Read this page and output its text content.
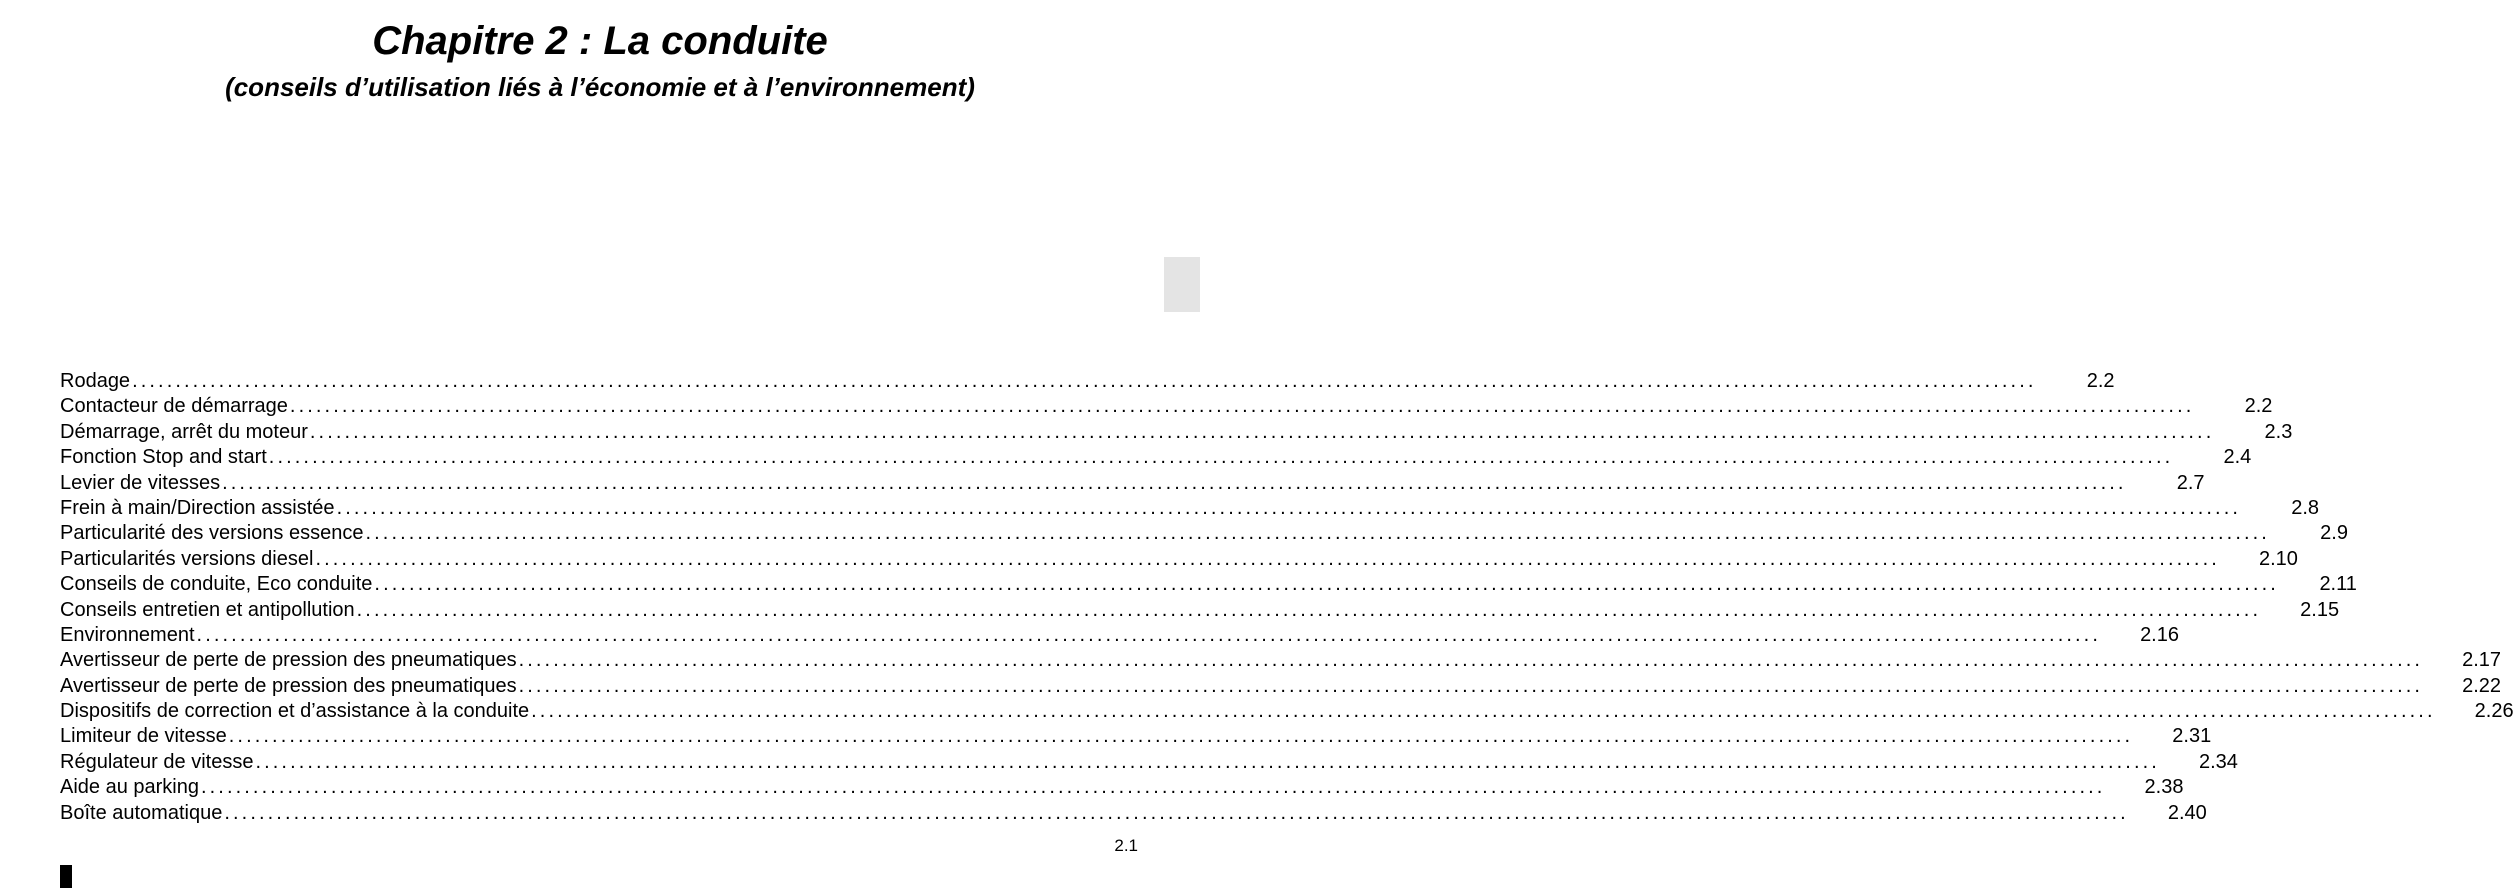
Chapitre 2 : La conduite
(conseils d’utilisation liés à l’économie et à l’environnement)
Rodage ............................................................................................................................................................................................................................	2.2
Contacteur de démarrage ............................................................................................................................................................................................................................	2.2
Démarrage, arrêt du moteur ............................................................................................................................................................................................................................	2.3
Fonction Stop and start ............................................................................................................................................................................................................................	2.4
Levier de vitesses ............................................................................................................................................................................................................................	2.7
Frein à main/Direction assistée ............................................................................................................................................................................................................................	2.8
Particularité des versions essence ............................................................................................................................................................................................................................	2.9
Particularités versions diesel ............................................................................................................................................................................................................................	2.10
Conseils de conduite, Eco conduite ............................................................................................................................................................................................................................	2.11
Conseils entretien et antipollution ............................................................................................................................................................................................................................	2.15
Environnement ............................................................................................................................................................................................................................	2.16
Avertisseur de perte de pression des pneumatiques ............................................................................................................................................................................................................................	2.17
Avertisseur de perte de pression des pneumatiques ............................................................................................................................................................................................................................	2.22
Dispositifs de correction et d’assistance à la conduite ............................................................................................................................................................................................................................	2.26
Limiteur de vitesse ............................................................................................................................................................................................................................	2.31
Régulateur de vitesse ............................................................................................................................................................................................................................	2.34
Aide au parking ............................................................................................................................................................................................................................	2.38
Boîte automatique ............................................................................................................................................................................................................................	2.40
2.1
